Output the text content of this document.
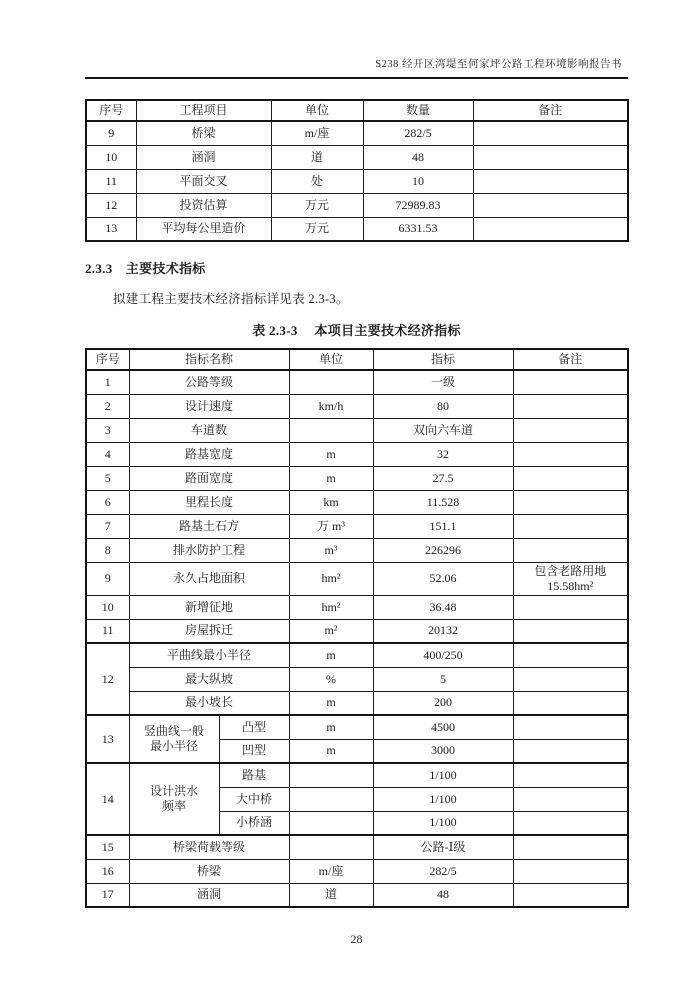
S238 经开区湾堤至何家坪公路工程环境影响报告书
序号	工程项目	单位	数量	备注
9	桥梁	m/座	282/5	
10	涵洞	道	48	
11	平面交叉	处	10	
12	投资估算	万元	72989.83	
13	平均每公里造价	万元	6331.53	
2.3.3　主要技术指标
拟建工程主要技术经济指标详见表 2.3-3。
表 2.3-3　 本项目主要技术经济指标
序号	指标名称		单位	指标	备注
1	公路等级			一级	
2	设计速度		km/h	80	
3	车道数			双向六车道	
4	路基宽度		m	32	
5	路面宽度		m	27.5	
6	里程长度		km	11.528	
7	路基土石方		万 m³	151.1	
8	排水防护工程		m³	226296	
9	永久占地面积		hm²	52.06	包含老路用地15.58hm²
10	新增征地		hm²	36.48	
11	房屋拆迁		m²	20132	
12	平曲线最小半径		m	400/250	
	最大纵坡		%	5	
	最小坡长		m	200	
13	竖曲线一般最小半径	凸型	m	4500	
		凹型	m	3000	
14	设计洪水频率	路基		1/100	
		大中桥		1/100	
		小桥涵		1/100	
15	桥梁荷载等级			公路-Ⅰ级	
16	桥梁		m/座	282/5	
17	涵洞		道	48	
28
